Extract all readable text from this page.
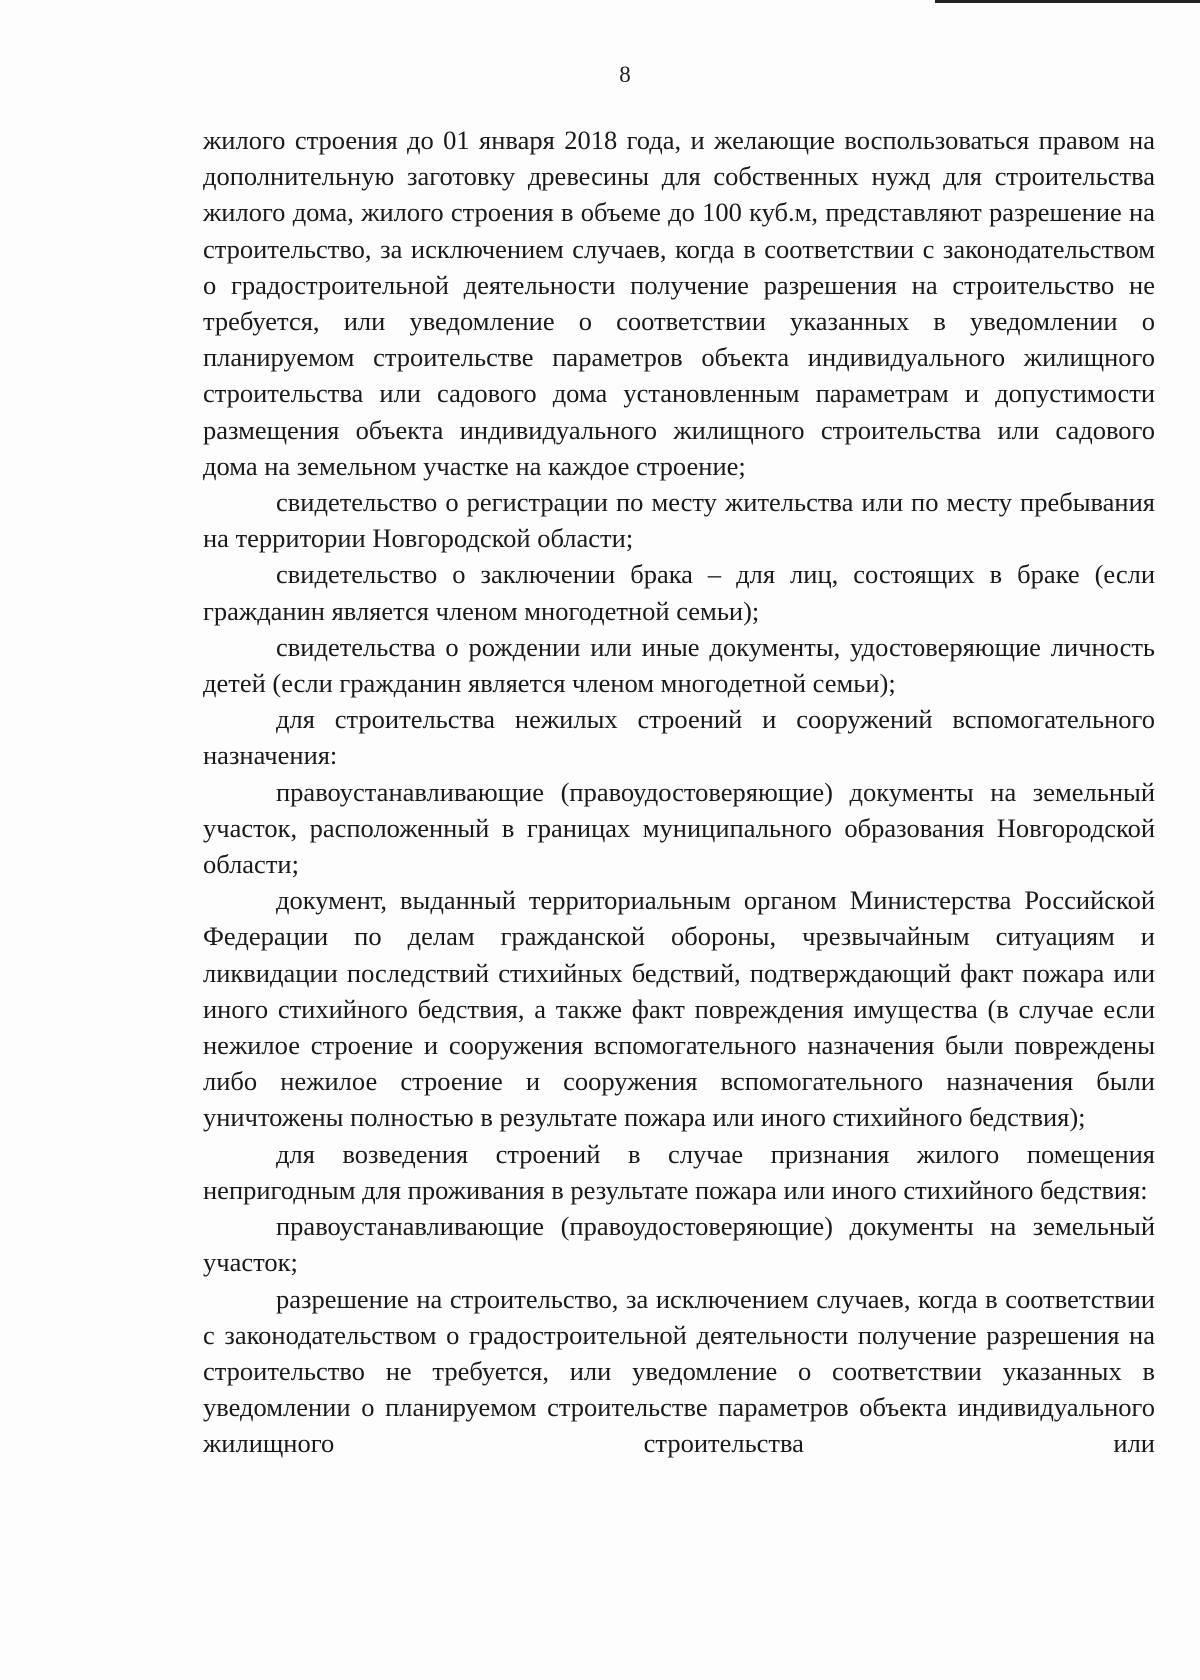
8

жилого строения до 01 января 2018 года, и желающие воспользоваться правом на дополнительную заготовку древесины для собственных нужд для строительства жилого дома, жилого строения в объеме до 100 куб.м, представляют разрешение на строительство, за исключением случаев, когда в соответствии с законодательством о градостроительной деятельности получение разрешения на строительство не требуется, или уведомление о соответствии указанных в уведомлении о планируемом строительстве параметров объекта индивидуального жилищного строительства или садового дома установленным параметрам и допустимости размещения объекта индивидуального жилищного строительства или садового дома на земельном участке на каждое строение;

свидетельство о регистрации по месту жительства или по месту пребывания на территории Новгородской области;

свидетельство о заключении брака – для лиц, состоящих в браке (если гражданин является членом многодетной семьи);

свидетельства о рождении или иные документы, удостоверяющие личность детей (если гражданин является членом многодетной семьи);

для строительства нежилых строений и сооружений вспомогательного назначения:

правоустанавливающие (правоудостоверяющие) документы на земельный участок, расположенный в границах муниципального образования Новгородской области;

документ, выданный территориальным органом Министерства Российской Федерации по делам гражданской обороны, чрезвычайным ситуациям и ликвидации последствий стихийных бедствий, подтверждающий факт пожара или иного стихийного бедствия, а также факт повреждения имущества (в случае если нежилое строение и сооружения вспомогательного назначения были повреждены либо нежилое строение и сооружения вспомогательного назначения были уничтожены полностью в результате пожара или иного стихийного бедствия);

для возведения строений в случае признания жилого помещения непригодным для проживания в результате пожара или иного стихийного бедствия:

правоустанавливающие (правоудостоверяющие) документы на земельный участок;

разрешение на строительство, за исключением случаев, когда в соответствии с законодательством о градостроительной деятельности получение разрешения на строительство не требуется, или уведомление о соответствии указанных в уведомлении о планируемом строительстве параметров объекта индивидуального жилищного строительства или
